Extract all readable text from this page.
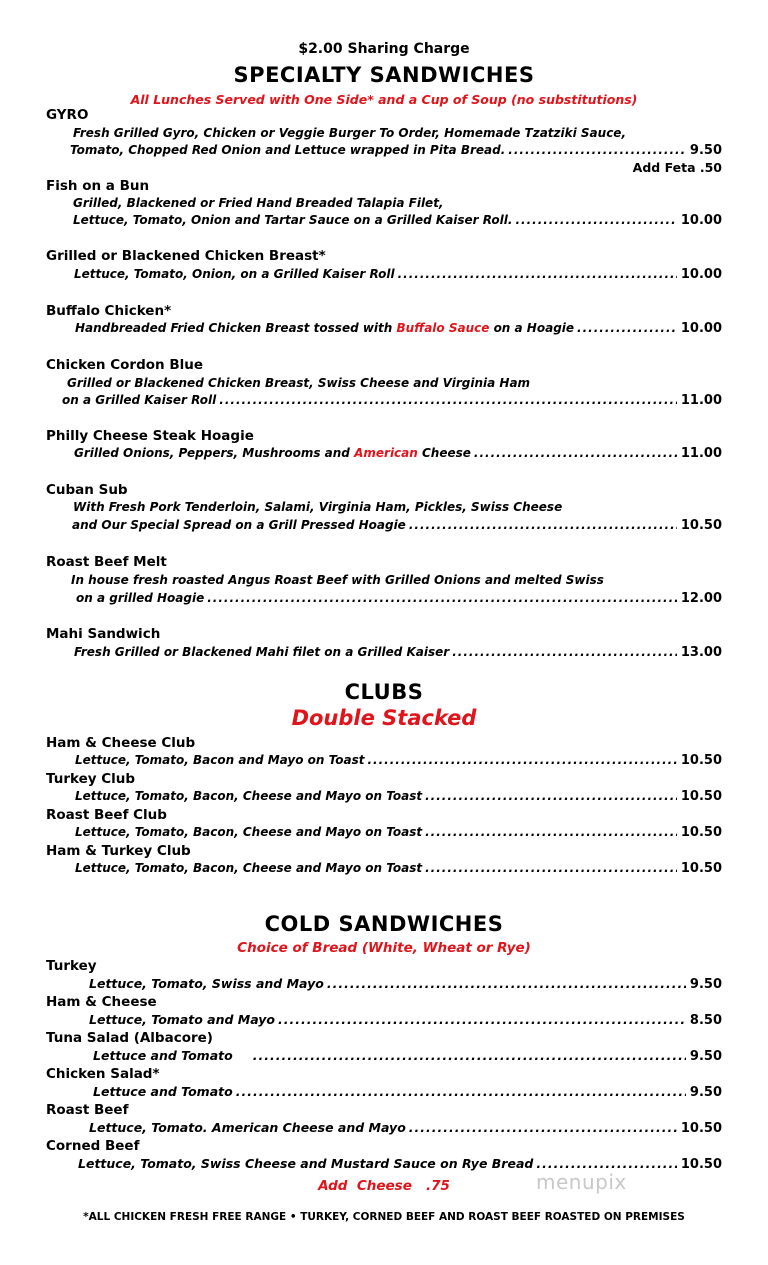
$2.00 Sharing Charge
SPECIALTY SANDWICHES
All Lunches Served with One Side* and a Cup of Soup (no substitutions)
GYRO
Fresh Grilled Gyro, Chicken or Veggie Burger To Order, Homemade Tzatziki Sauce,
Tomato, Chopped Red Onion and Lettuce wrapped in Pita Bread. .....	9.50
Add Feta .50
Fish on a Bun
Grilled, Blackened or Fried Hand Breaded Talapia Filet,
Lettuce, Tomato, Onion and Tartar Sauce on a Grilled Kaiser Roll. .....	10.00
Grilled or Blackened Chicken Breast*
Lettuce, Tomato, Onion, on a Grilled Kaiser Roll .....	10.00
Buffalo Chicken*
Handbreaded Fried Chicken Breast tossed with Buffalo Sauce on a Hoagie .....	10.00
Chicken Cordon Blue
Grilled or Blackened Chicken Breast, Swiss Cheese and Virginia Ham
on a Grilled Kaiser Roll .....	11.00
Philly Cheese Steak Hoagie
Grilled Onions, Peppers, Mushrooms and American Cheese .....	11.00
Cuban Sub
With Fresh Pork Tenderloin, Salami, Virginia Ham, Pickles, Swiss Cheese
and Our Special Spread on a Grill Pressed Hoagie .....	10.50
Roast Beef Melt
In house fresh roasted Angus Roast Beef with Grilled Onions and melted Swiss
on a grilled Hoagie .....	12.00
Mahi Sandwich
Fresh Grilled or Blackened Mahi filet on a Grilled Kaiser .....	13.00
CLUBS
Double Stacked
Ham & Cheese Club
Lettuce, Tomato, Bacon and Mayo on Toast .....	10.50
Turkey Club
Lettuce, Tomato, Bacon, Cheese and Mayo on Toast .....	10.50
Roast Beef Club
Lettuce, Tomato, Bacon, Cheese and Mayo on Toast .....	10.50
Ham & Turkey Club
Lettuce, Tomato, Bacon, Cheese and Mayo on Toast .....	10.50
COLD SANDWICHES
Choice of Bread (White, Wheat or Rye)
Turkey
Lettuce, Tomato, Swiss and Mayo .....	9.50
Ham & Cheese
Lettuce, Tomato and Mayo .....	8.50
Tuna Salad (Albacore)
Lettuce and Tomato .....	9.50
Chicken Salad*
Lettuce and Tomato .....	9.50
Roast Beef
Lettuce, Tomato. American Cheese and Mayo .....	10.50
Corned Beef
Lettuce, Tomato, Swiss Cheese and Mustard Sauce on Rye Bread .....	10.50
Add  Cheese   .75	menupix
*ALL CHICKEN FRESH FREE RANGE • TURKEY, CORNED BEEF AND ROAST BEEF ROASTED ON PREMISES
